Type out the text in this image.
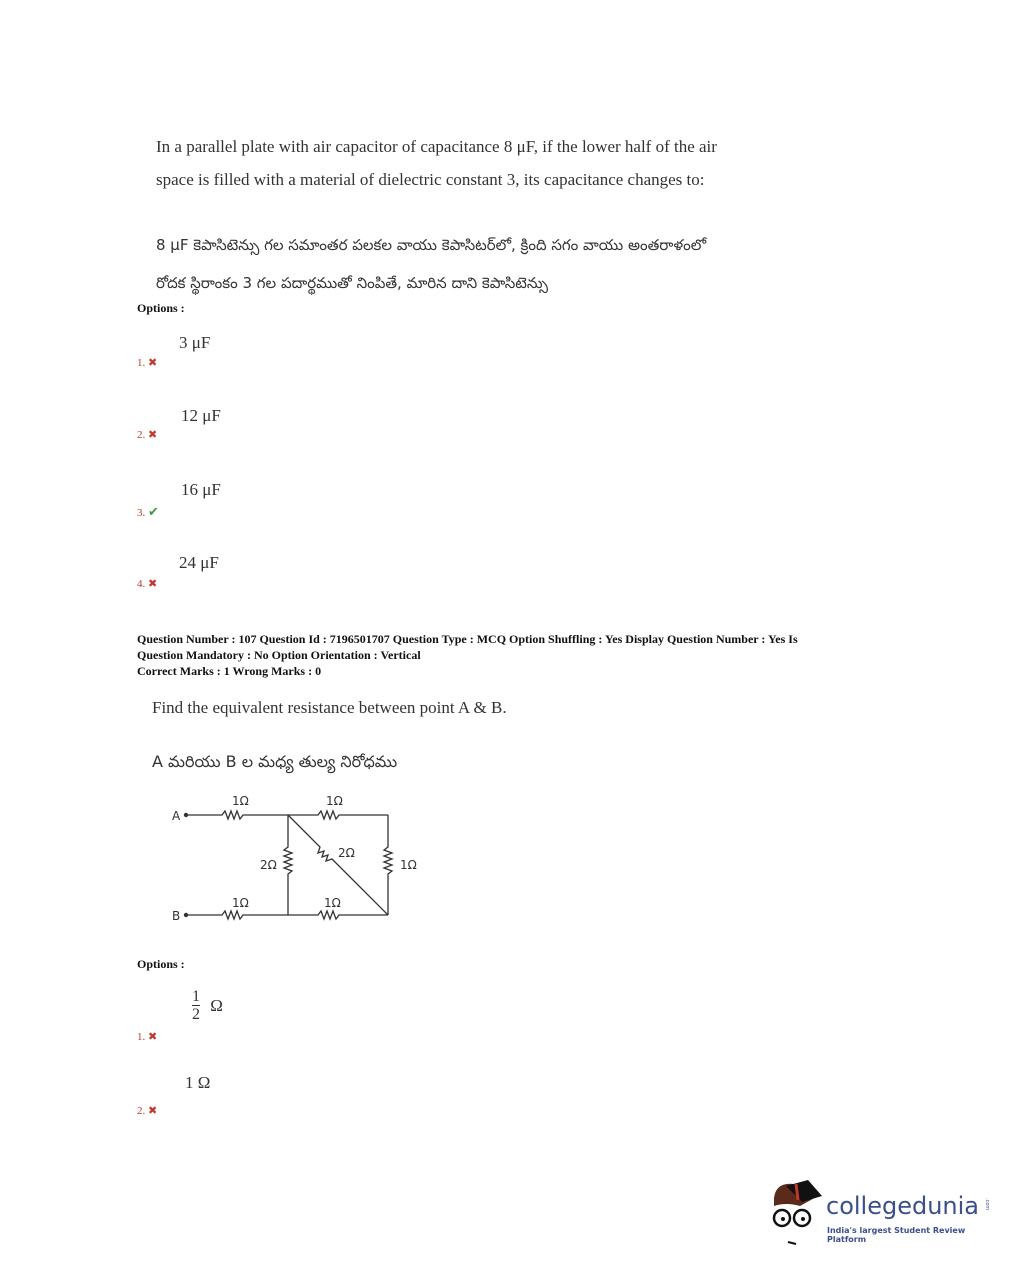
In a parallel plate with air capacitor of capacitance 8 μF, if the lower half of the air
space is filled with a material of dielectric constant 3, its capacitance changes to:
8 μF కెపాసిటెన్సు గల సమాంతర పలకల వాయు కెపాసిటర్‌లో, క్రింది సగం వాయు అంతరాళంలో
రోదక స్థిరాంకం 3 గల పదార్థముతో నింపితే, మారిన దాని కెపాసిటెన్సు
Options :
3 μF
1. ✖
12 μF
2. ✖
16 μF
3. ✔
24 μF
4. ✖
Question Number : 107 Question Id : 7196501707 Question Type : MCQ Option Shuffling : Yes Display Question Number : Yes Is
Question Mandatory : No Option Orientation : Vertical
Correct Marks : 1 Wrong Marks : 0
Find the equivalent resistance between point A & B.
A మరియు B ల మధ్య తుల్య నిరోధము
A
B
1Ω	1Ω
2Ω
2Ω
1Ω
1Ω	1Ω
Options :
$\frac{1}{2}$ Ω
1. ✖
1 Ω
2. ✖
collegedunia .com
India's largest Student Review Platform
